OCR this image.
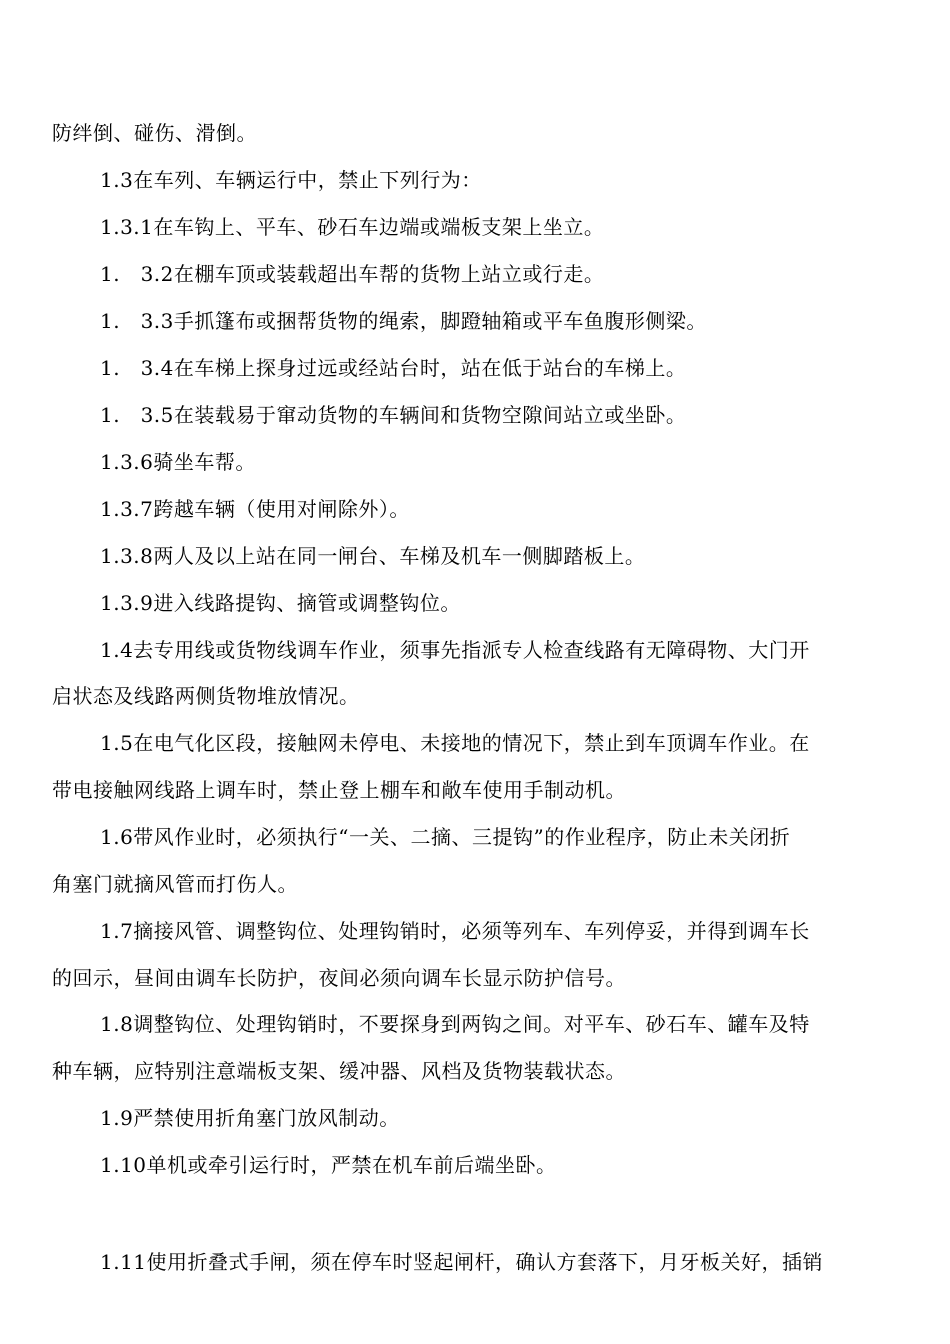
防绊倒、碰伤、滑倒。
1.3在车列、车辆运行中，禁止下列行为：
1.3.1在车钩上、平车、砂石车边端或端板支架上坐立。
1.　3.2在棚车顶或装载超出车帮的货物上站立或行走。
1.　3.3手抓篷布或捆帮货物的绳索，脚蹬轴箱或平车鱼腹形侧梁。
1.　3.4在车梯上探身过远或经站台时，站在低于站台的车梯上。
1.　3.5在装载易于窜动货物的车辆间和货物空隙间站立或坐卧。
1.3.6骑坐车帮。
1.3.7跨越车辆（使用对闸除外）。
1.3.8两人及以上站在同一闸台、车梯及机车一侧脚踏板上。
1.3.9进入线路提钩、摘管或调整钩位。
1.4去专用线或货物线调车作业，须事先指派专人检查线路有无障碍物、大门开
启状态及线路两侧货物堆放情况。
1.5在电气化区段，接触网未停电、未接地的情况下，禁止到车顶调车作业。在
带电接触网线路上调车时，禁止登上棚车和敞车使用手制动机。
1.6带风作业时，必须执行“一关、二摘、三提钩”的作业程序，防止未关闭折
角塞门就摘风管而打伤人。
1.7摘接风管、调整钩位、处理钩销时，必须等列车、车列停妥，并得到调车长
的回示，昼间由调车长防护，夜间必须向调车长显示防护信号。
1.8调整钩位、处理钩销时，不要探身到两钩之间。对平车、砂石车、罐车及特
种车辆，应特别注意端板支架、缓冲器、风档及货物装载状态。
1.9严禁使用折角塞门放风制动。
1.10单机或牵引运行时，严禁在机车前后端坐卧。
1.11使用折叠式手闸，须在停车时竖起闸杆，确认方套落下，月牙板关好，插销
